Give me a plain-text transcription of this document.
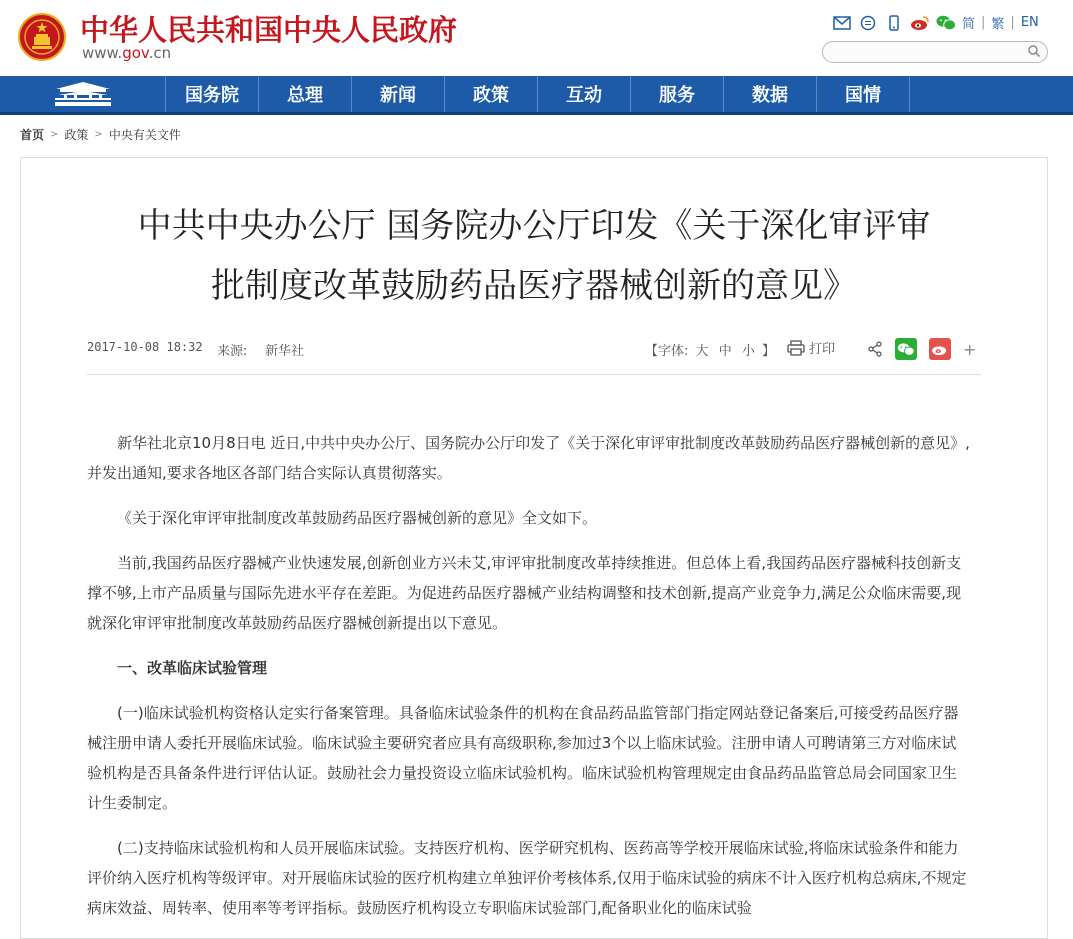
中华人民共和国中央人民政府
www.gov.cn
简 | 繁 | EN
国务院	总理	新闻	政策	互动	服务	数据	国情
首页 > 政策 > 中央有关文件
中共中央办公厅 国务院办公厅印发《关于深化审评审
批制度改革鼓励药品医疗器械创新的意见》
2017-10-08 18:32 来源: 新华社	【字体: 大 中 小 】	打印	+

新华社北京10月8日电 近日,中共中央办公厅、国务院办公厅印发了《关于深化审评审批制度改革鼓励药品医疗器械创新的意见》,并发出通知,要求各地区各部门结合实际认真贯彻落实。

《关于深化审评审批制度改革鼓励药品医疗器械创新的意见》全文如下。

当前,我国药品医疗器械产业快速发展,创新创业方兴未艾,审评审批制度改革持续推进。但总体上看,我国药品医疗器械科技创新支撑不够,上市产品质量与国际先进水平存在差距。为促进药品医疗器械产业结构调整和技术创新,提高产业竞争力,满足公众临床需要,现就深化审评审批制度改革鼓励药品医疗器械创新提出以下意见。

一、改革临床试验管理

(一)临床试验机构资格认定实行备案管理。具备临床试验条件的机构在食品药品监管部门指定网站登记备案后,可接受药品医疗器械注册申请人委托开展临床试验。临床试验主要研究者应具有高级职称,参加过3个以上临床试验。注册申请人可聘请第三方对临床试验机构是否具备条件进行评估认证。鼓励社会力量投资设立临床试验机构。临床试验机构管理规定由食品药品监管总局会同国家卫生计生委制定。

(二)支持临床试验机构和人员开展临床试验。支持医疗机构、医学研究机构、医药高等学校开展临床试验,将临床试验条件和能力评价纳入医疗机构等级评审。对开展临床试验的医疗机构建立单独评价考核体系,仅用于临床试验的病床不计入医疗机构总病床,不规定病床效益、周转率、使用率等考评指标。鼓励医疗机构设立专职临床试验部门,配备职业化的临床试验
